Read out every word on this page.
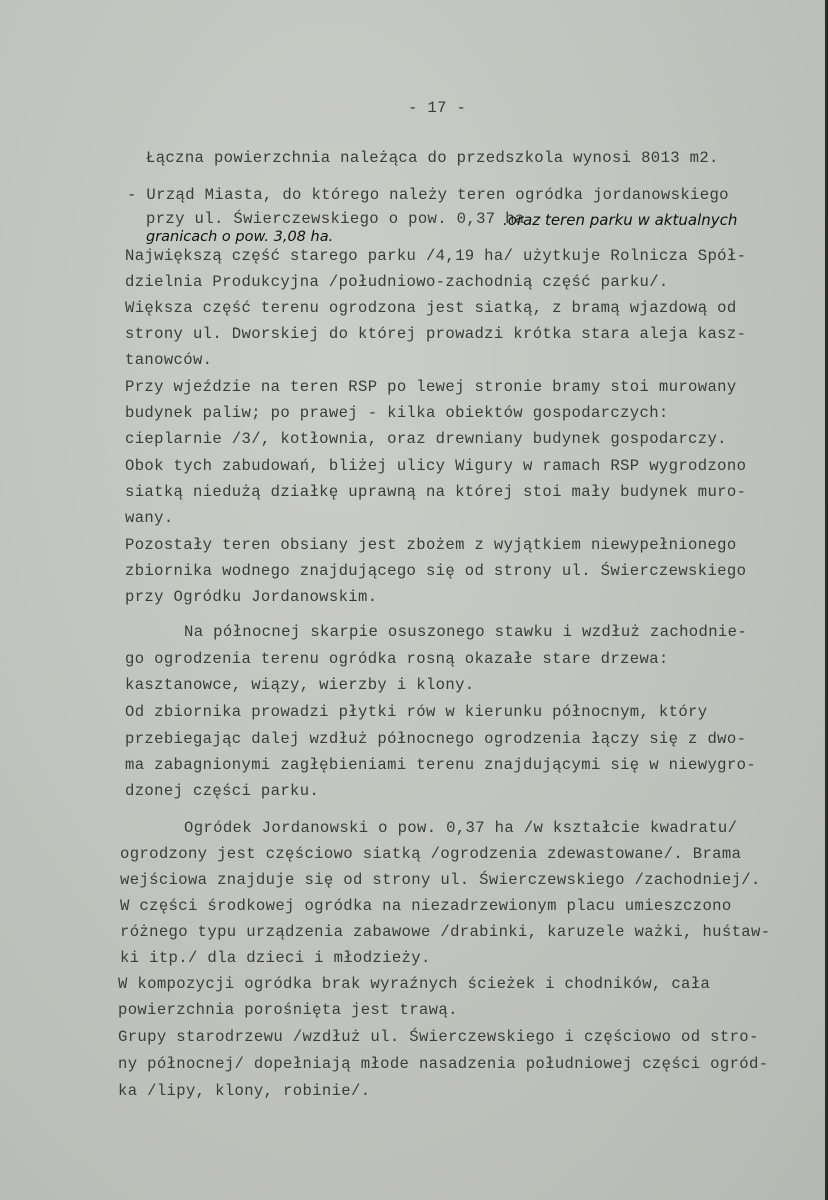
- 17 -
Łączna powierzchnia należąca do przedszkola wynosi 8013 m2.
- Urząd Miasta, do którego należy teren ogródka jordanowskiego
przy ul. Świerczewskiego o pow. 0,37 ha
.oraz teren parku w aktualnych
granicach o pow. 3,08 ha.
Największą część starego parku /4,19 ha/ użytkuje Rolnicza Spół-
dzielnia Produkcyjna /południowo-zachodnią część parku/.
Większa część terenu ogrodzona jest siatką, z bramą wjazdową od
strony ul. Dworskiej do której prowadzi krótka stara aleja kasz-
tanowców.
Przy wjeździe na teren RSP po lewej stronie bramy stoi murowany
budynek paliw; po prawej - kilka obiektów gospodarczych:
cieplarnie /3/, kotłownia, oraz drewniany budynek gospodarczy.
Obok tych zabudowań, bliżej ulicy Wigury w ramach RSP wygrodzono
siatką niedużą działkę uprawną na której stoi mały budynek muro-
wany.
Pozostały teren obsiany jest zbożem z wyjątkiem niewypełnionego
zbiornika wodnego znajdującego się od strony ul. Świerczewskiego
przy Ogródku Jordanowskim.
Na północnej skarpie osuszonego stawku i wzdłuż zachodnie-
go ogrodzenia terenu ogródka rosną okazałe stare drzewa:
kasztanowce, wiązy, wierzby i klony.
Od zbiornika prowadzi płytki rów w kierunku północnym, który
przebiegając dalej wzdłuż północnego ogrodzenia łączy się z dwo-
ma zabagnionymi zagłębieniami terenu znajdującymi się w niewygro-
dzonej części parku.
Ogródek Jordanowski o pow. 0,37 ha /w kształcie kwadratu/
ogrodzony jest częściowo siatką /ogrodzenia zdewastowane/. Brama
wejściowa znajduje się od strony ul. Świerczewskiego /zachodniej/.
W części środkowej ogródka na niezadrzewionym placu umieszczono
różnego typu urządzenia zabawowe /drabinki, karuzele ważki, huśtaw-
ki itp./ dla dzieci i młodzieży.
W kompozycji ogródka brak wyraźnych ścieżek i chodników, cała
powierzchnia porośnięta jest trawą.
Grupy starodrzewu /wzdłuż ul. Świerczewskiego i częściowo od stro-
ny północnej/ dopełniają młode nasadzenia południowej części ogród-
ka /lipy, klony, robinie/.
